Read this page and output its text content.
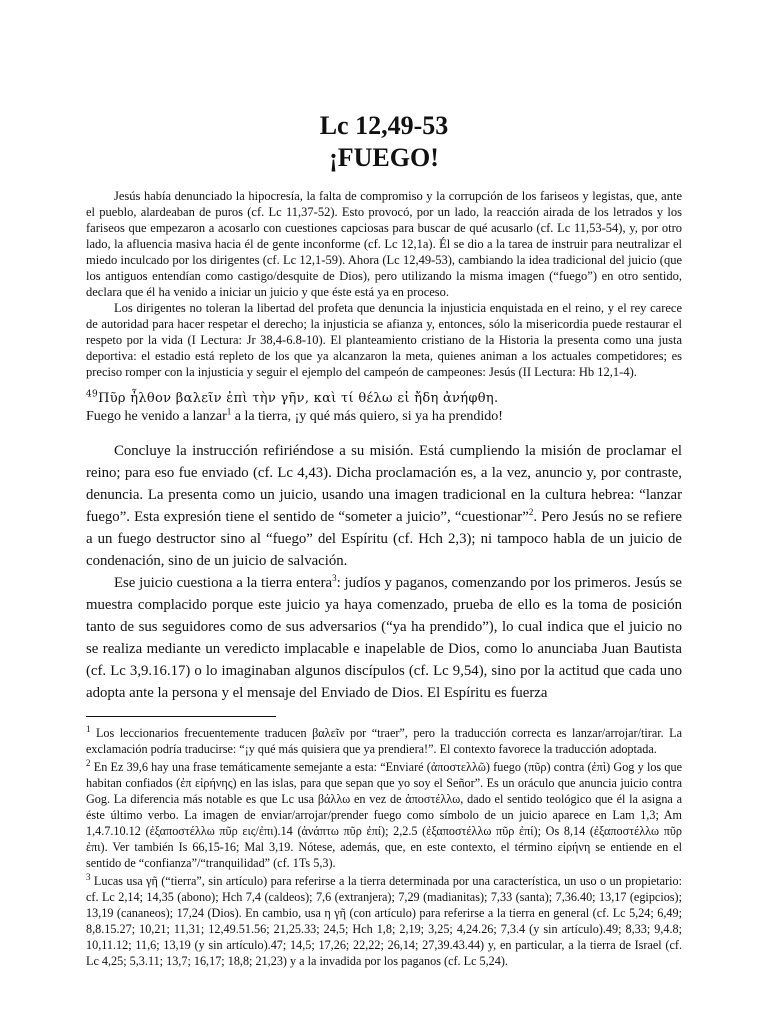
Lc 12,49-53
¡FUEGO!

Jesús había denunciado la hipocresía, la falta de compromiso y la corrupción de los fariseos y legistas, que, ante el pueblo, alardeaban de puros (cf. Lc 11,37-52). Esto provocó, por un lado, la reacción airada de los letrados y los fariseos que empezaron a acosarlo con cuestiones capciosas para buscar de qué acusarlo (cf. Lc 11,53-54), y, por otro lado, la afluencia masiva hacia él de gente inconforme (cf. Lc 12,1a). Él se dio a la tarea de instruir para neutralizar el miedo inculcado por los dirigentes (cf. Lc 12,1-59). Ahora (Lc 12,49-53), cambiando la idea tradicional del juicio (que los antiguos entendían como castigo/desquite de Dios), pero utilizando la misma imagen (“fuego”) en otro sentido, declara que él ha venido a iniciar un juicio y que éste está ya en proceso.

Los dirigentes no toleran la libertad del profeta que denuncia la injusticia enquistada en el reino, y el rey carece de autoridad para hacer respetar el derecho; la injusticia se afianza y, entonces, sólo la misericordia puede restaurar el respeto por la vida (I Lectura: Jr 38,4-6.8-10). El planteamiento cristiano de la Historia la presenta como una justa deportiva: el estadio está repleto de los que ya alcanzaron la meta, quienes animan a los actuales competidores; es preciso romper con la injusticia y seguir el ejemplo del campeón de campeones: Jesús (II Lectura: Hb 12,1-4).

$^{49}$Πῦρ ἦλθον βαλεῖν ἐπὶ τὴν γῆν, καὶ τί θέλω εἰ ἤδη ἀνήφθη.

Fuego he venido a lanzar$^1$ a la tierra, ¡y qué más quiero, si ya ha prendido!

Concluye la instrucción refiriéndose a su misión. Está cumpliendo la misión de proclamar el reino; para eso fue enviado (cf. Lc 4,43). Dicha proclamación es, a la vez, anuncio y, por contraste, denuncia. La presenta como un juicio, usando una imagen tradicional en la cultura hebrea: “lanzar fuego”. Esta expresión tiene el sentido de “someter a juicio”, “cuestionar”$^2$. Pero Jesús no se refiere a un fuego destructor sino al “fuego” del Espíritu (cf. Hch 2,3); ni tampoco habla de un juicio de condenación, sino de un juicio de salvación.

Ese juicio cuestiona a la tierra entera$^3$: judíos y paganos, comenzando por los primeros. Jesús se muestra complacido porque este juicio ya haya comenzado, prueba de ello es la toma de posición tanto de sus seguidores como de sus adversarios (“ya ha prendido”), lo cual indica que el juicio no se realiza mediante un veredicto implacable e inapelable de Dios, como lo anunciaba Juan Bautista (cf. Lc 3,9.16.17) o lo imaginaban algunos discípulos (cf. Lc 9,54), sino por la actitud que cada uno adopta ante la persona y el mensaje del Enviado de Dios. El Espíritu es fuerza

$^1$ Los leccionarios frecuentemente traducen βαλεῖν por “traer”, pero la traducción correcta es lanzar/arrojar/tirar. La exclamación podría traducirse: “¡y qué más quisiera que ya prendiera!”. El contexto favorece la traducción adoptada.

$^2$ En Ez 39,6 hay una frase temáticamente semejante a esta: “Enviaré (ἀποστελλῶ) fuego (πῦρ) contra (ἐπὶ) Gog y los que habitan confiados (ἐπ εἰρήνης) en las islas, para que sepan que yo soy el Señor”. Es un oráculo que anuncia juicio contra Gog. La diferencia más notable es que Lc usa βάλλω en vez de ἀποστέλλω, dado el sentido teológico que él la asigna a éste último verbo. La imagen de enviar/arrojar/prender fuego como símbolo de un juicio aparece en Lam 1,3; Am 1,4.7.10.12 (ἐξαποστέλλω πῦρ εις/ἐπι).14 (ἀνάπτω πῦρ ἐπί); 2,2.5 (ἐξαποστέλλω πῦρ ἐπί); Os 8,14 (ἐξαποστέλλω πῦρ ἐπι). Ver también Is 66,15-16; Mal 3,19. Nótese, además, que, en este contexto, el término εἰρήνη se entiende en el sentido de “confianza”/“tranquilidad” (cf. 1Ts 5,3).

$^3$ Lucas usa γῆ (“tierra”, sin artículo) para referirse a la tierra determinada por una característica, un uso o un propietario: cf. Lc 2,14; 14,35 (abono); Hch 7,4 (caldeos); 7,6 (extranjera); 7,29 (madianitas); 7,33 (santa); 7,36.40; 13,17 (egipcios); 13,19 (cananeos); 17,24 (Dios). En cambio, usa η γῆ (con artículo) para referirse a la tierra en general (cf. Lc 5,24; 6,49; 8,8.15.27; 10,21; 11,31; 12,49.51.56; 21,25.33; 24,5; Hch 1,8; 2,19; 3,25; 4,24.26; 7,3.4 (y sin artículo).49; 8,33; 9,4.8; 10,11.12; 11,6; 13,19 (y sin artículo).47; 14,5; 17,26; 22,22; 26,14; 27,39.43.44) y, en particular, a la tierra de Israel (cf. Lc 4,25; 5,3.11; 13,7; 16,17; 18,8; 21,23) y a la invadida por los paganos (cf. Lc 5,24).
